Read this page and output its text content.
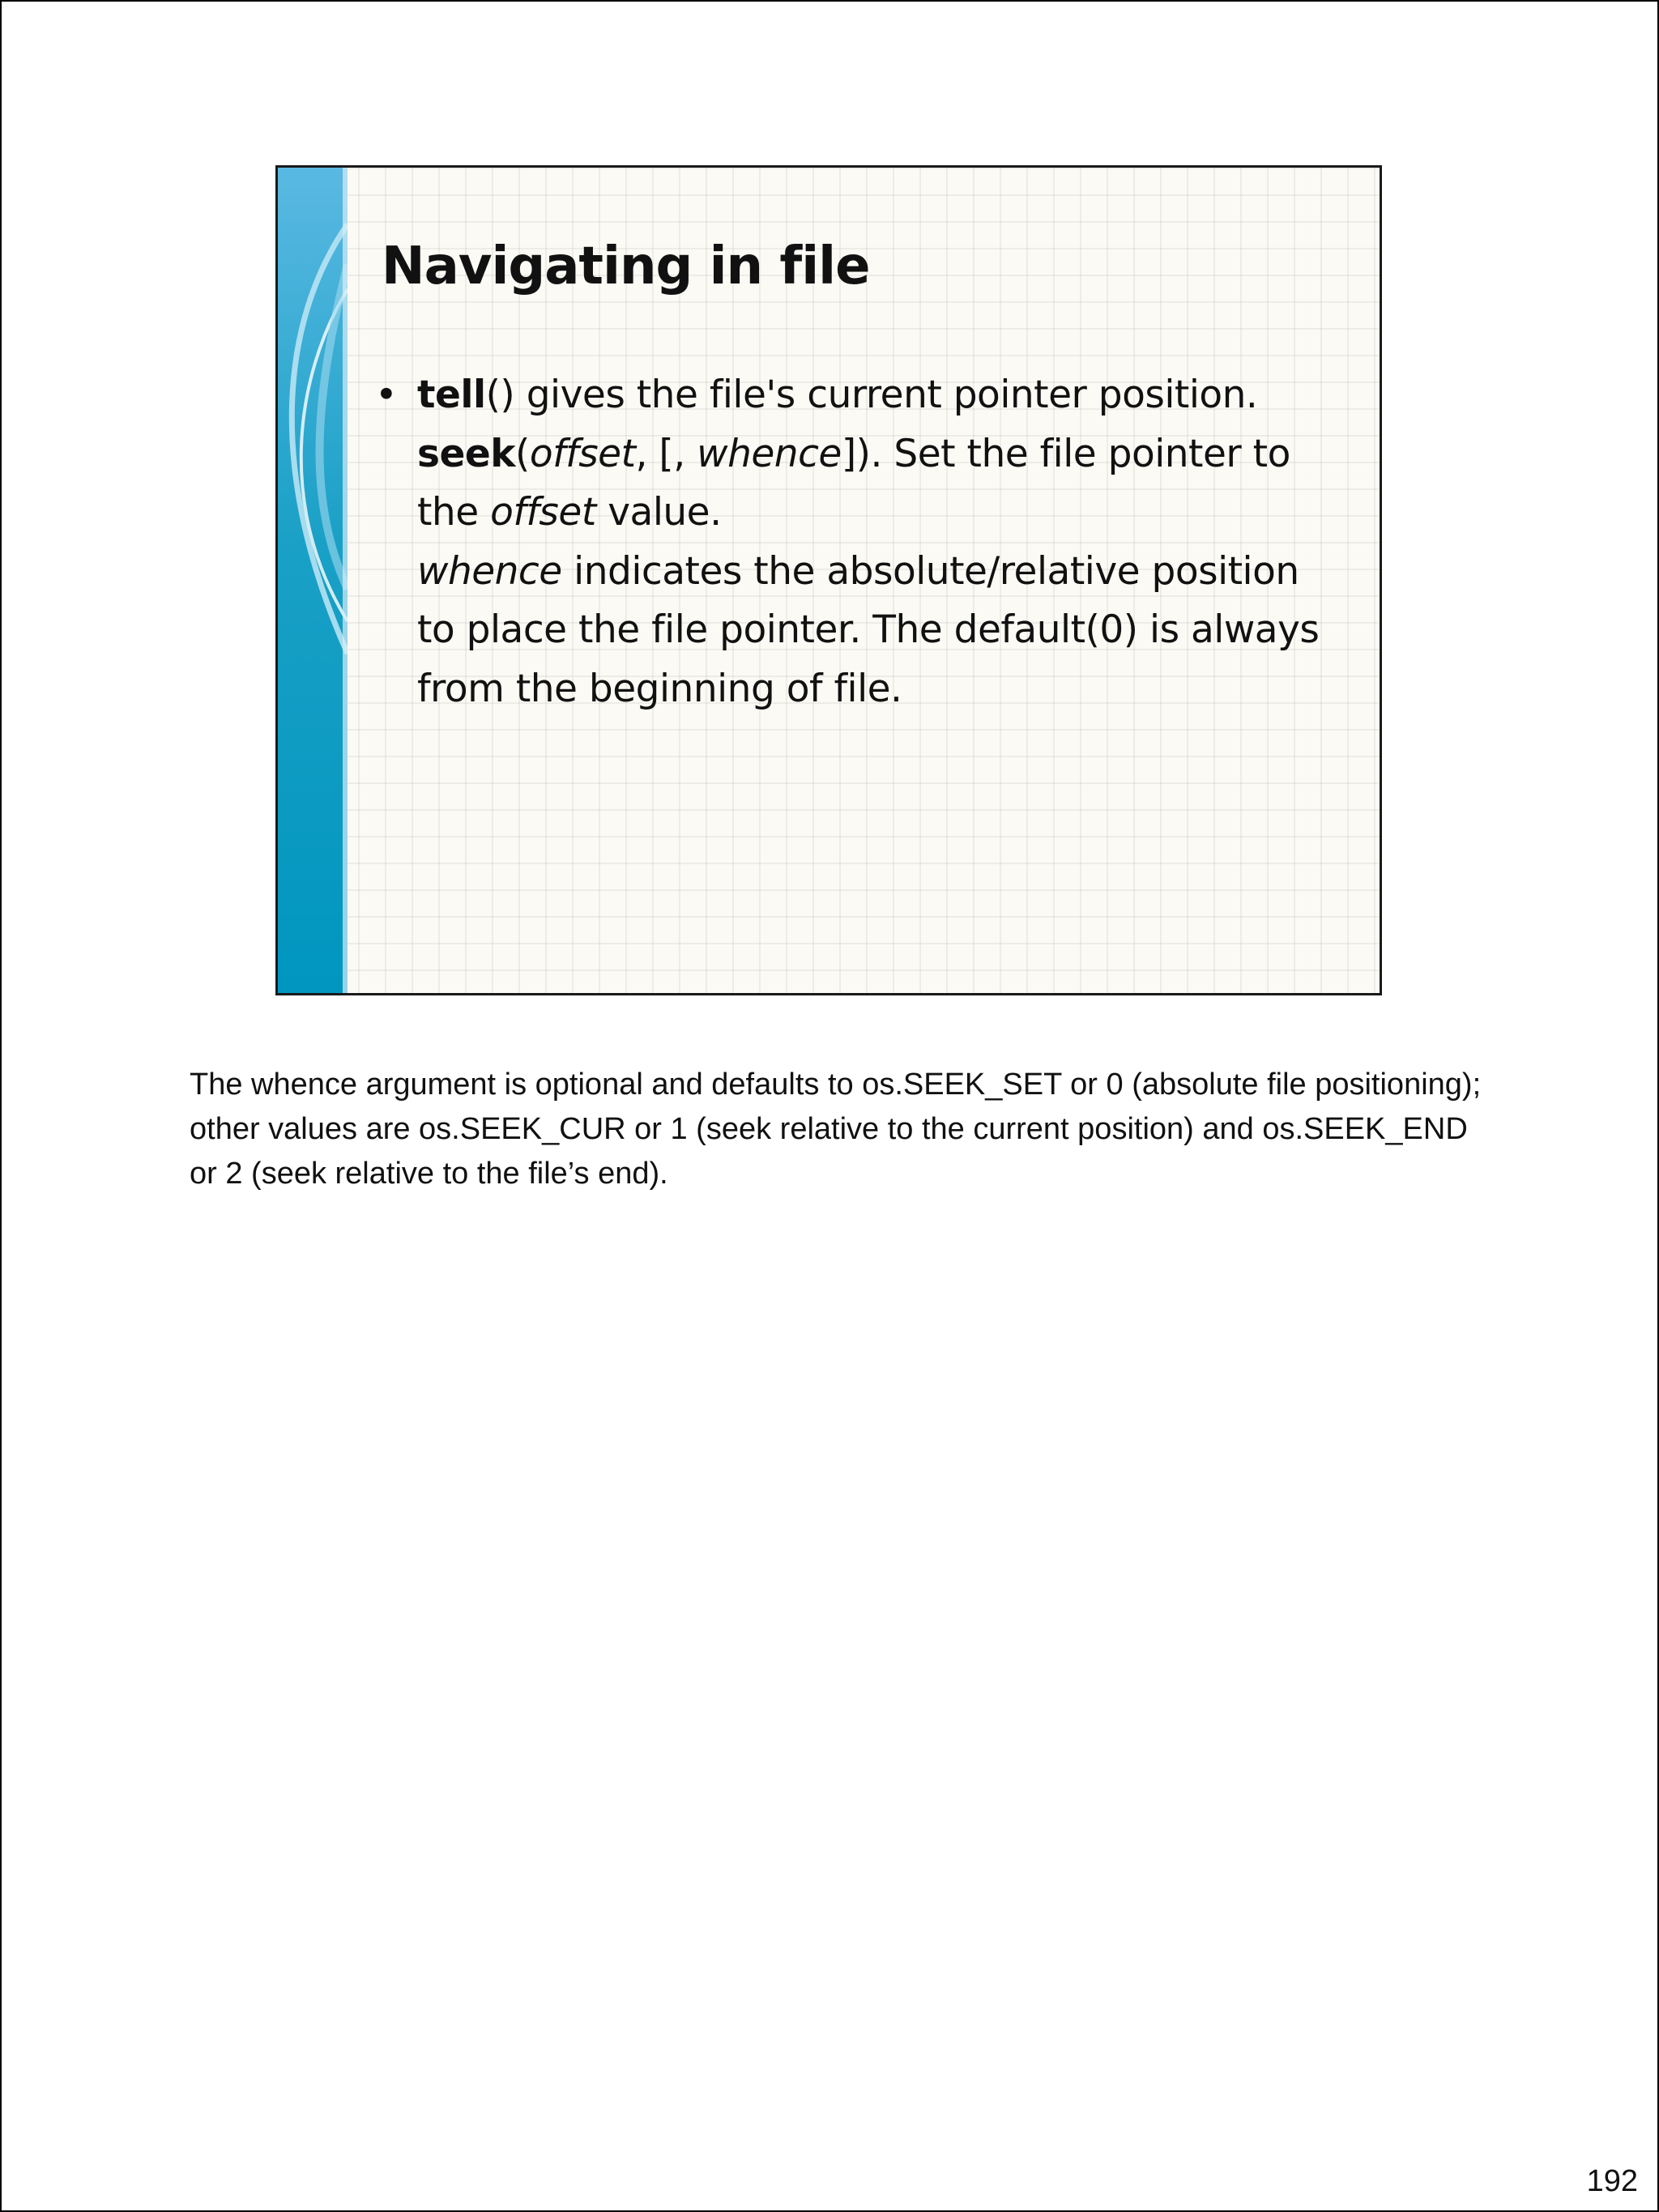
Navigating in file
• tell() gives the file's current pointer position.

seek(offset, [, whence]). Set the file pointer to the offset value.

whence indicates the absolute/relative position to place the file pointer. The default(0) is always from the beginning of file.

The whence argument is optional and defaults to os.SEEK_SET or 0 (absolute file positioning);

other values are os.SEEK_CUR or 1 (seek relative to the current position) and os.SEEK_END or 2 (seek relative to the file’s end).

192
